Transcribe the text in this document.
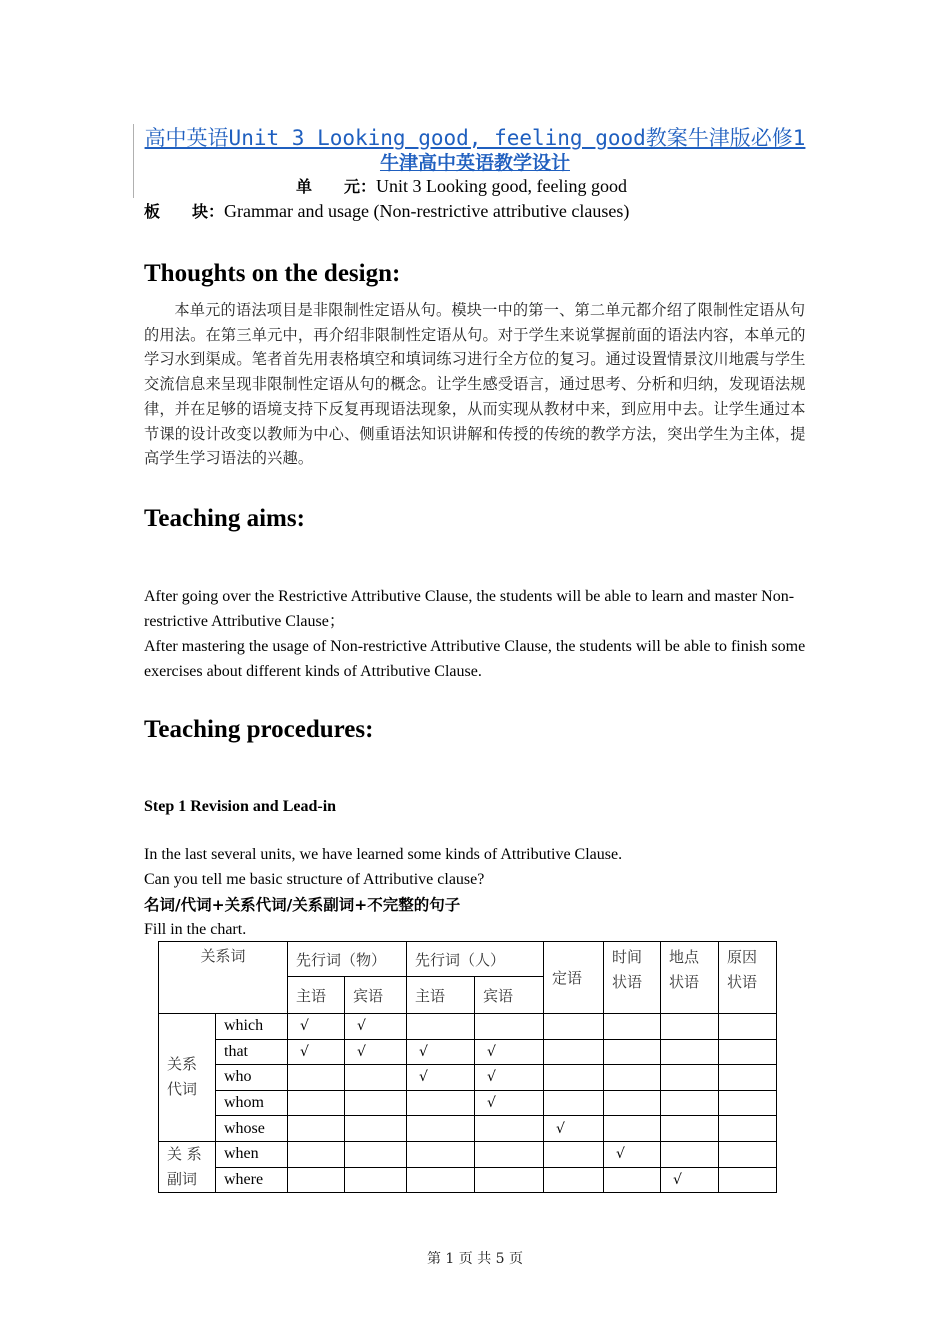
高中英语Unit 3 Looking good, feeling good教案牛津版必修1
牛津高中英语教学设计
单　　元：Unit 3 Looking good, feeling good
板　　块：Grammar and usage (Non-restrictive attributive clauses)
Thoughts on the design:

本单元的语法项目是非限制性定语从句。模块一中的第一、第二单元都介绍了限制性定语从句的用法。在第三单元中，再介绍非限制性定语从句。对于学生来说掌握前面的语法内容，本单元的学习水到渠成。笔者首先用表格填空和填词练习进行全方位的复习。通过设置情景汶川地震与学生交流信息来呈现非限制性定语从句的概念。让学生感受语言，通过思考、分析和归纳，发现语法规律，并在足够的语境支持下反复再现语法现象，从而实现从教材中来，到应用中去。让学生通过本节课的设计改变以教师为中心、侧重语法知识讲解和传授的传统的教学方法，突出学生为主体，提高学生学习语法的兴趣。

Teaching aims:

After going over the Restrictive Attributive Clause, the students will be able to learn and master Non-restrictive Attributive Clause；

After mastering the usage of Non-restrictive Attributive Clause, the students will be able to finish some exercises about different kinds of Attributive Clause.

Teaching procedures:
Step 1 Revision and Lead-in

In the last several units, we have learned some kinds of Attributive Clause.

Can you tell me basic structure of Attributive clause?

名词/代词+关系代词/关系副词+不完整的句子

Fill in the chart.

关系词		先行词（物）		先行词（人）		定语	时间状语	地点状语	原因状语
		主语	宾语	主语	宾语				
关系
代词	which	√	√						
	that	√	√	√	√				
	who			√	√				
	whom				√				
	whose					√			
关 系
副词	when						√		
	where							√	
第 1 页 共 5 页
